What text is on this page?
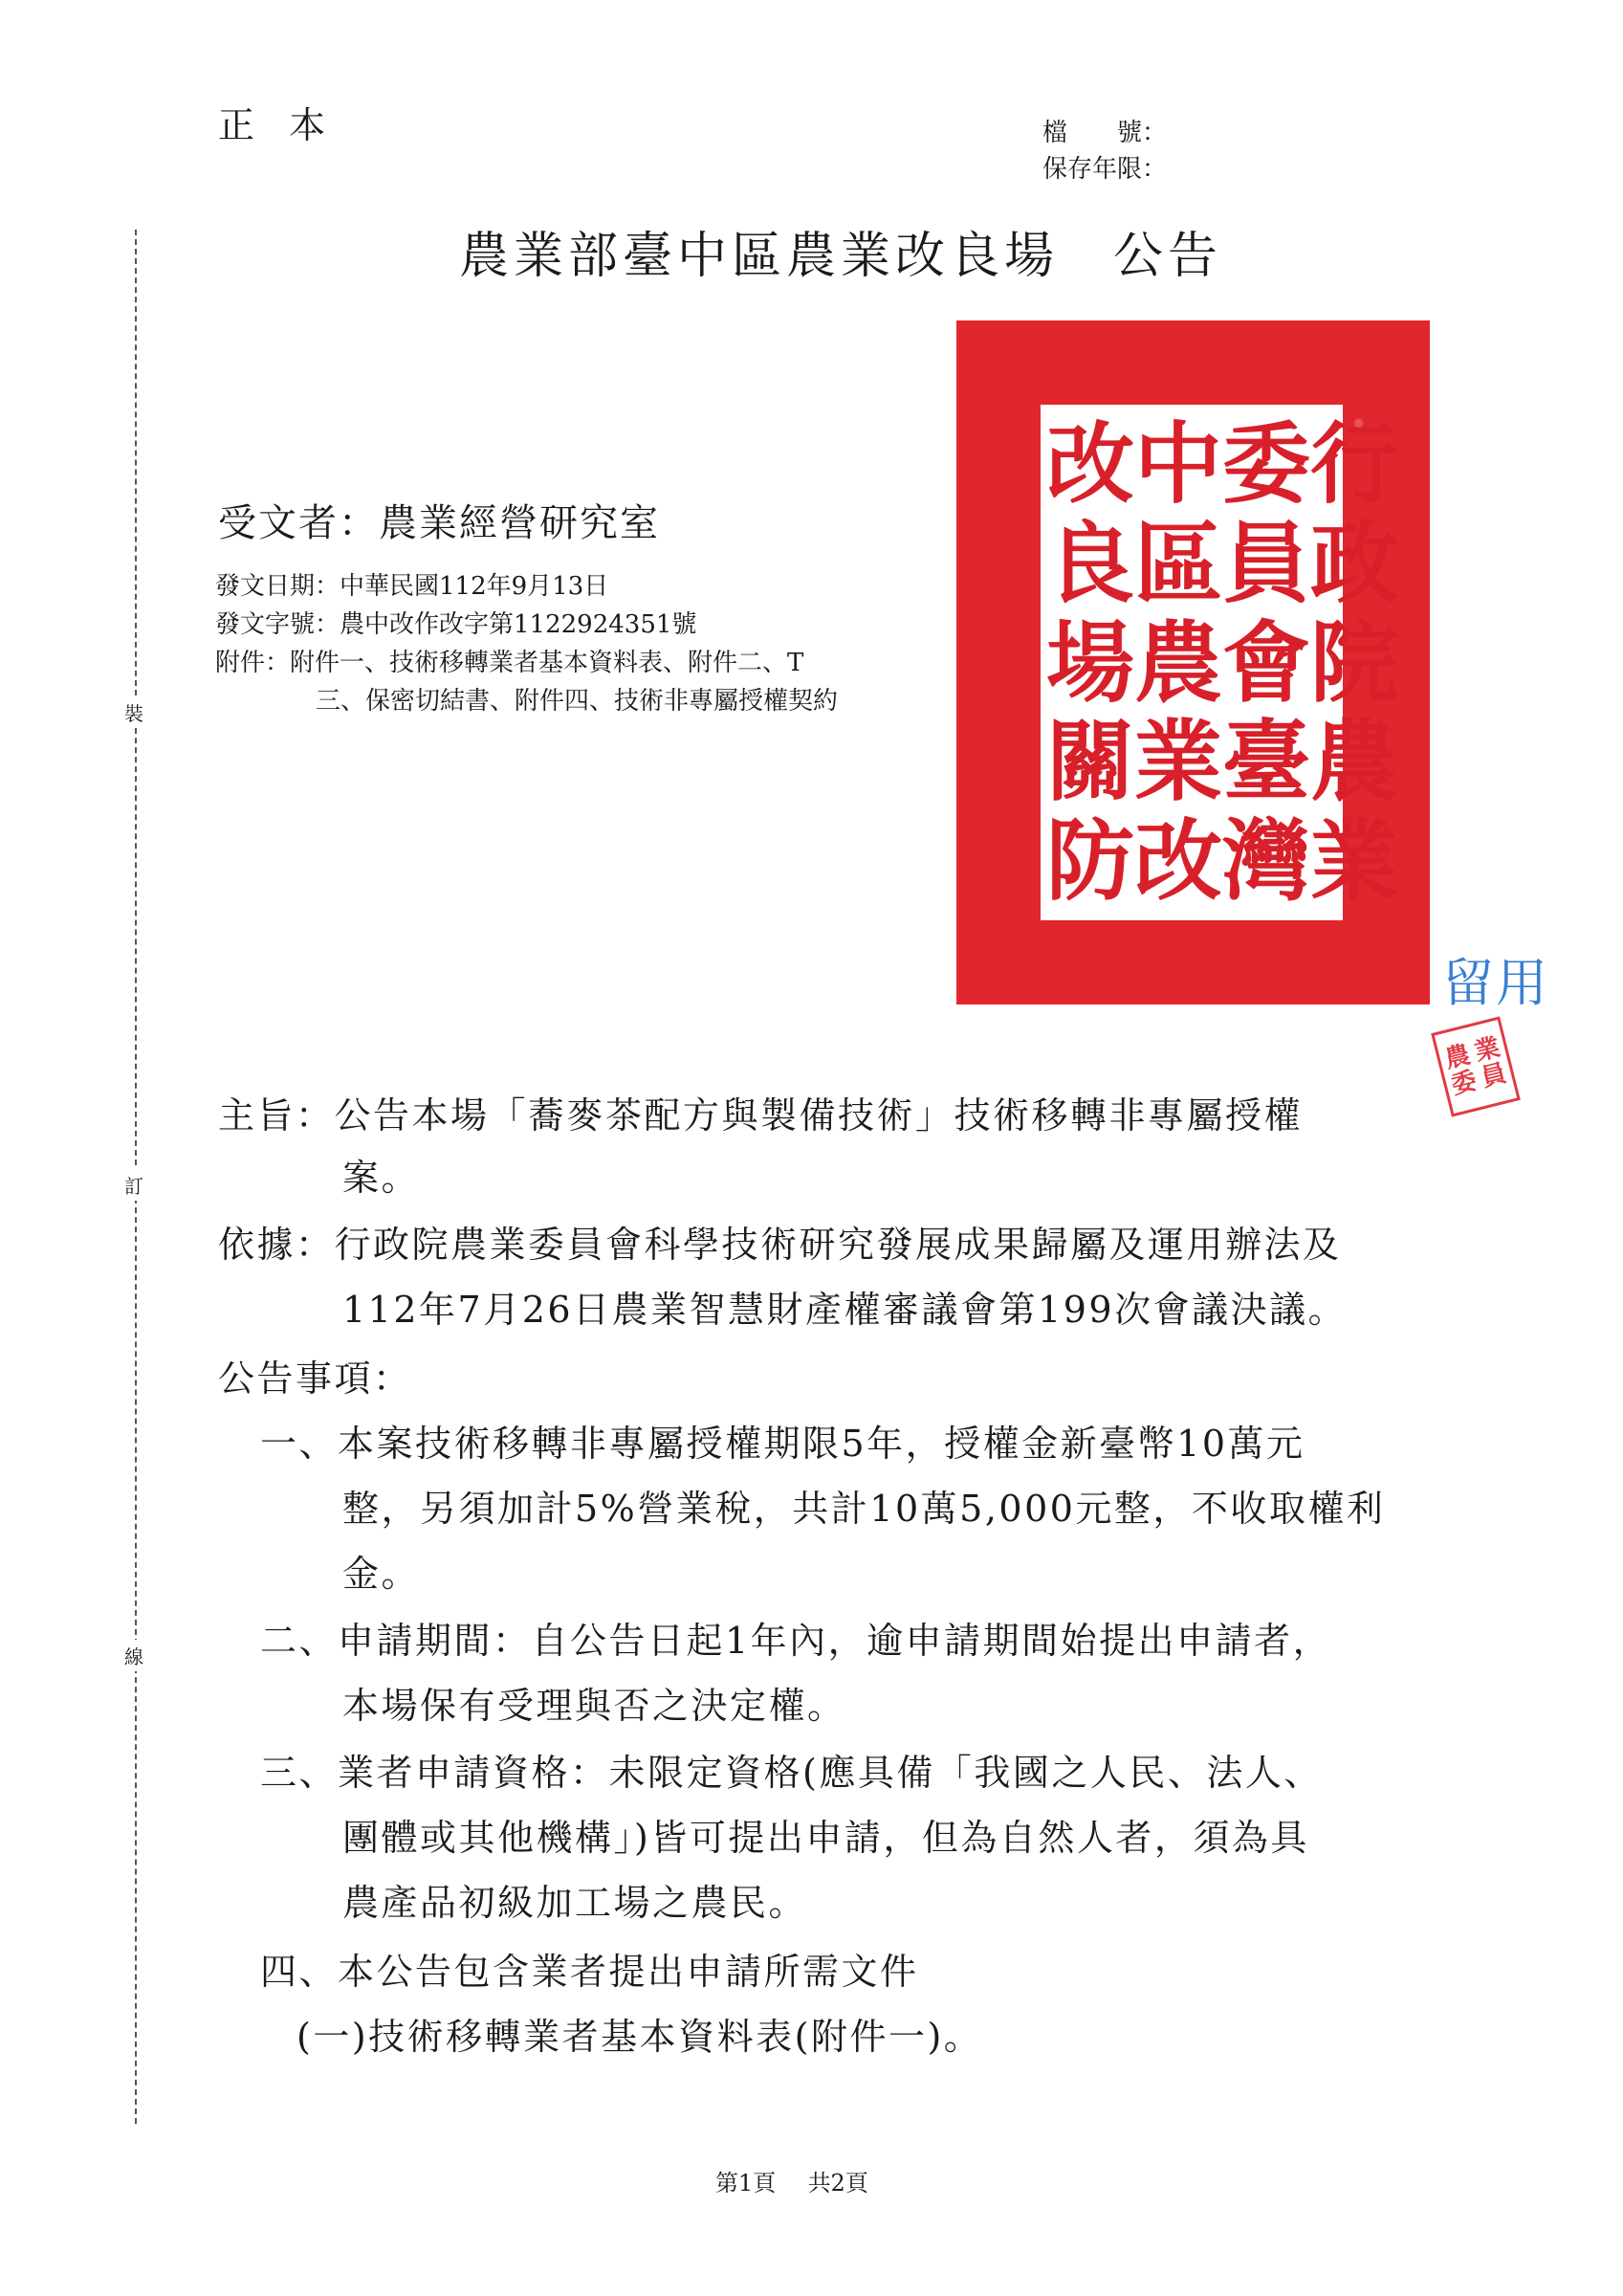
正 本	檔　　號：
保存年限：
農業部臺中區農業改良場　公告
裝
訂
線
行
政
院
農
業
委
員
會
臺
灣
中
區
農
業
改
改
良
場
關
防
留用
農
業
委
員
受文者：農業經營研究室
發文日期：中華民國112年9月13日
發文字號：農中改作改字第1122924351號
附件：附件一、技術移轉業者基本資料表、附件二、T
三、保密切結書、附件四、技術非專屬授權契約
主旨：公告本場「蕎麥茶配方與製備技術」技術移轉非專屬授權
案。
依據：行政院農業委員會科學技術研究發展成果歸屬及運用辦法及
112年7月26日農業智慧財產權審議會第199次會議決議。
公告事項：
一、本案技術移轉非專屬授權期限5年，授權金新臺幣10萬元
整，另須加計5%營業稅，共計10萬5,000元整，不收取權利
金。
二、申請期間：自公告日起1年內，逾申請期間始提出申請者，
本場保有受理與否之決定權。
三、業者申請資格：未限定資格(應具備「我國之人民、法人、
團體或其他機構」)皆可提出申請，但為自然人者，須為具
農產品初級加工場之農民。
四、本公告包含業者提出申請所需文件
(一)技術移轉業者基本資料表(附件一)。
第1頁 共2頁
